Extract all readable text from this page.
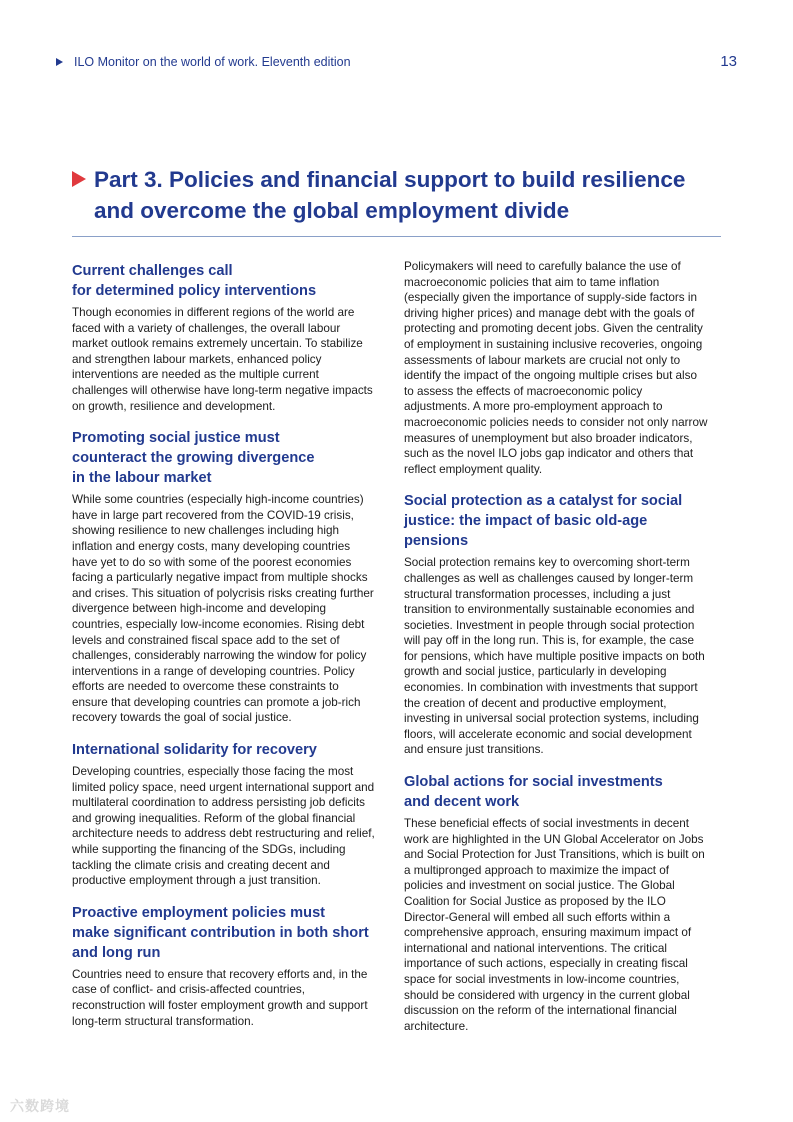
ILO Monitor on the world of work. Eleventh edition	13
Part 3. Policies and financial support to build resilience
and overcome the global employment divide
Current challenges call
for determined policy interventions

Though economies in different regions of the world are faced with a variety of challenges, the overall labour market outlook remains extremely uncertain. To stabilize and strengthen labour markets, enhanced policy interventions are needed as the multiple current challenges will otherwise have long-term negative impacts on growth, resilience and development.

Promoting social justice must
counteract the growing divergence
in the labour market

While some countries (especially high-income countries) have in large part recovered from the COVID-19 crisis, showing resilience to new challenges including high inflation and energy costs, many developing countries have yet to do so with some of the poorest economies facing a particularly negative impact from multiple shocks and crises. This situation of polycrisis risks creating further divergence between high-income and developing countries, especially low-income economies. Rising debt levels and constrained fiscal space add to the set of challenges, considerably narrowing the window for policy interventions in a range of developing countries. Policy efforts are needed to overcome these constraints to ensure that developing countries can promote a job-rich recovery towards the goal of social justice.

International solidarity for recovery

Developing countries, especially those facing the most limited policy space, need urgent international support and multilateral coordination to address persisting job deficits and growing inequalities. Reform of the global financial architecture needs to address debt restructuring and relief, while supporting the financing of the SDGs, including tackling the climate crisis and creating decent and productive employment through a just transition.

Proactive employment policies must
make significant contribution in both short
and long run

Countries need to ensure that recovery efforts and, in the case of conflict- and crisis-affected countries, reconstruction will foster employment growth and support long-term structural transformation.

Policymakers will need to carefully balance the use of macroeconomic policies that aim to tame inflation (especially given the importance of supply-side factors in driving higher prices) and manage debt with the goals of protecting and promoting decent jobs. Given the centrality of employment in sustaining inclusive recoveries, ongoing assessments of labour markets are crucial not only to identify the impact of the ongoing multiple crises but also to assess the effects of macroeconomic policy adjustments. A more pro-employment approach to macroeconomic policies needs to consider not only narrow measures of unemployment but also broader indicators, such as the novel ILO jobs gap indicator and others that reflect employment quality.

Social protection as a catalyst for social
justice: the impact of basic old-age
pensions

Social protection remains key to overcoming short-term challenges as well as challenges caused by longer-term structural transformation processes, including a just transition to environmentally sustainable economies and societies. Investment in people through social protection will pay off in the long run. This is, for example, the case for pensions, which have multiple positive impacts on both growth and social justice, particularly in developing economies. In combination with investments that support the creation of decent and productive employment, investing in universal social protection systems, including floors, will accelerate economic and social development and ensure just transitions.

Global actions for social investments
and decent work

These beneficial effects of social investments in decent work are highlighted in the UN Global Accelerator on Jobs and Social Protection for Just Transitions, which is built on a multipronged approach to maximize the impact of policies and investment on social justice. The Global Coalition for Social Justice as proposed by the ILO Director-General will embed all such efforts within a comprehensive approach, ensuring maximum impact of international and national interventions. The critical importance of such actions, especially in creating fiscal space for social investments in low-income countries, should be considered with urgency in the current global discussion on the reform of the international financial architecture.

六数跨境
